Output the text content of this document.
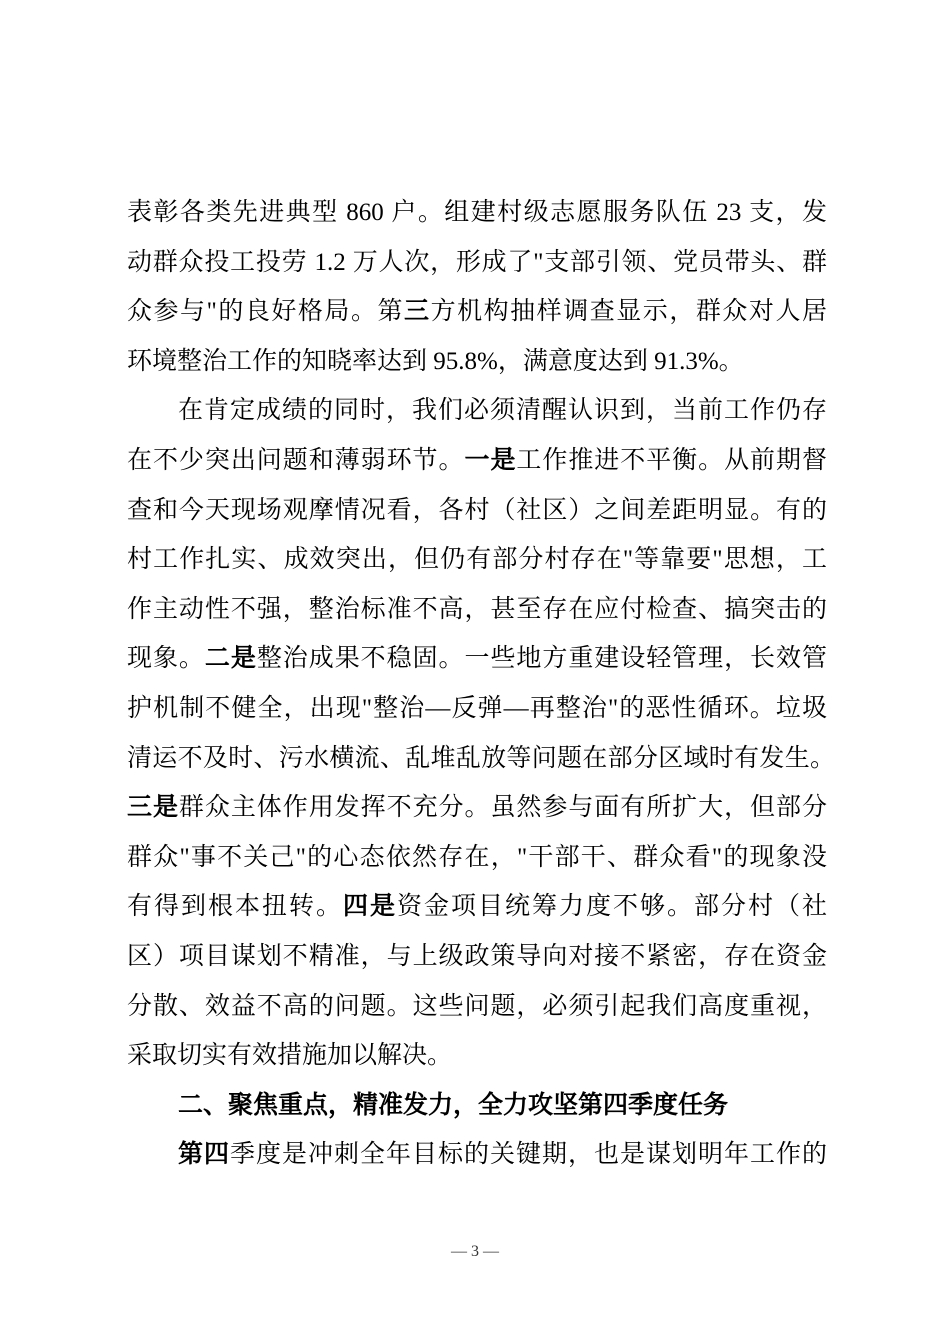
表彰各类先进典型 860 户。组建村级志愿服务队伍 23 支，发
动群众投工投劳 1.2 万人次，形成了"支部引领、党员带头、群
众参与"的良好格局。第三方机构抽样调查显示，群众对人居
环境整治工作的知晓率达到 95.8%，满意度达到 91.3%。
在肯定成绩的同时，我们必须清醒认识到，当前工作仍存
在不少突出问题和薄弱环节。一是工作推进不平衡。从前期督
查和今天现场观摩情况看，各村（社区）之间差距明显。有的
村工作扎实、成效突出，但仍有部分村存在"等靠要"思想，工
作主动性不强，整治标准不高，甚至存在应付检查、搞突击的
现象。二是整治成果不稳固。一些地方重建设轻管理，长效管
护机制不健全，出现"整治—反弹—再整治"的恶性循环。垃圾
清运不及时、污水横流、乱堆乱放等问题在部分区域时有发生。
三是群众主体作用发挥不充分。虽然参与面有所扩大，但部分
群众"事不关己"的心态依然存在，"干部干、群众看"的现象没
有得到根本扭转。四是资金项目统筹力度不够。部分村（社
区）项目谋划不精准，与上级政策导向对接不紧密，存在资金
分散、效益不高的问题。这些问题，必须引起我们高度重视，
采取切实有效措施加以解决。
二、聚焦重点，精准发力，全力攻坚第四季度任务
第四季度是冲刺全年目标的关键期，也是谋划明年工作的
— 3 —
